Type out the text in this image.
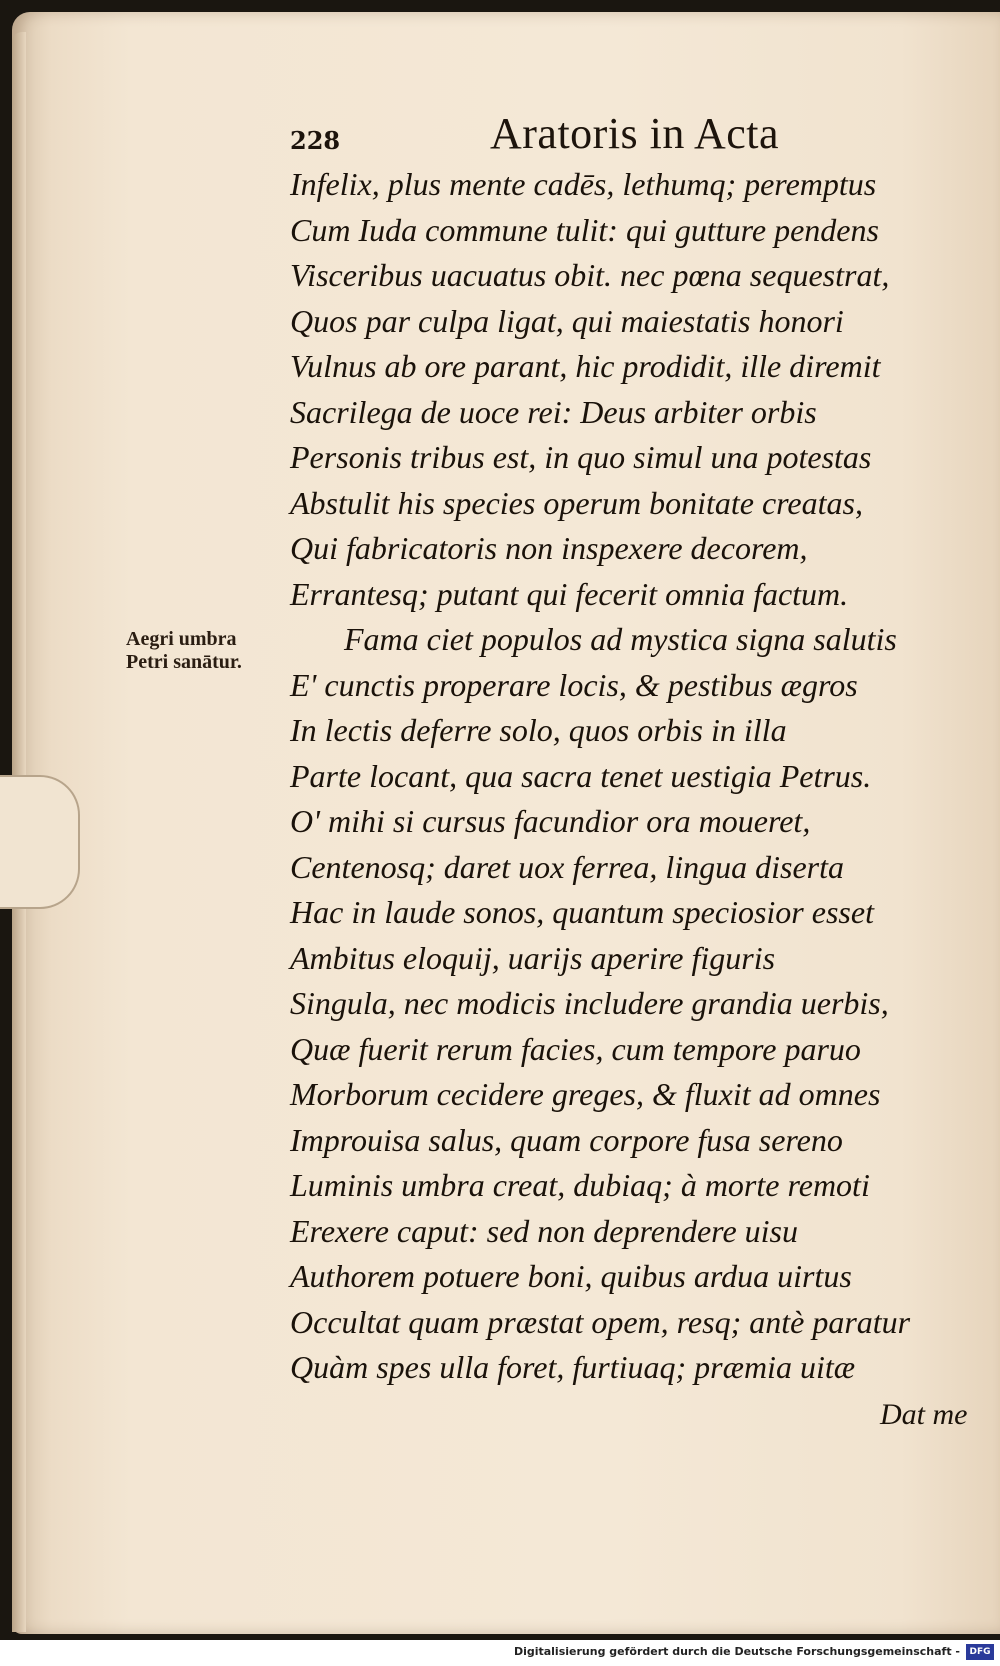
228	Aratoris in Acta
Aegri umbra
Petri sanātur.
Infelix, plus mente cadēs, lethumq; peremptus
Cum Iuda commune tulit: qui gutture pendens
Visceribus uacuatus obit. nec pœna sequestrat,
Quos par culpa ligat, qui maiestatis honori
Vulnus ab ore parant, hic prodidit, ille diremit
Sacrilega de uoce rei: Deus arbiter orbis
Personis tribus est, in quo simul una potestas
Abstulit his species operum bonitate creatas,
Qui fabricatoris non inspexere decorem,
Errantesq; putant qui fecerit omnia factum.
Fama ciet populos ad mystica signa salutis
E' cunctis properare locis, & pestibus ægros
In lectis deferre solo, quos orbis in illa
Parte locant, qua sacra tenet uestigia Petrus.
O' mihi si cursus facundior ora moueret,
Centenosq; daret uox ferrea, lingua diserta
Hac in laude sonos, quantum speciosior esset
Ambitus eloquij, uarijs aperire figuris
Singula, nec modicis includere grandia uerbis,
Quæ fuerit rerum facies, cum tempore paruo
Morborum cecidere greges, & fluxit ad omnes
Improuisa salus, quam corpore fusa sereno
Luminis umbra creat, dubiaq; à morte remoti
Erexere caput: sed non deprendere uisu
Authorem potuere boni, quibus ardua uirtus
Occultat quam præstat opem, resq; antè paratur
Quàm spes ulla foret, furtiuaq; præmia uitæ
Dat me
Digitalisierung gefördert durch die Deutsche Forschungsgemeinschaft -	DFG
